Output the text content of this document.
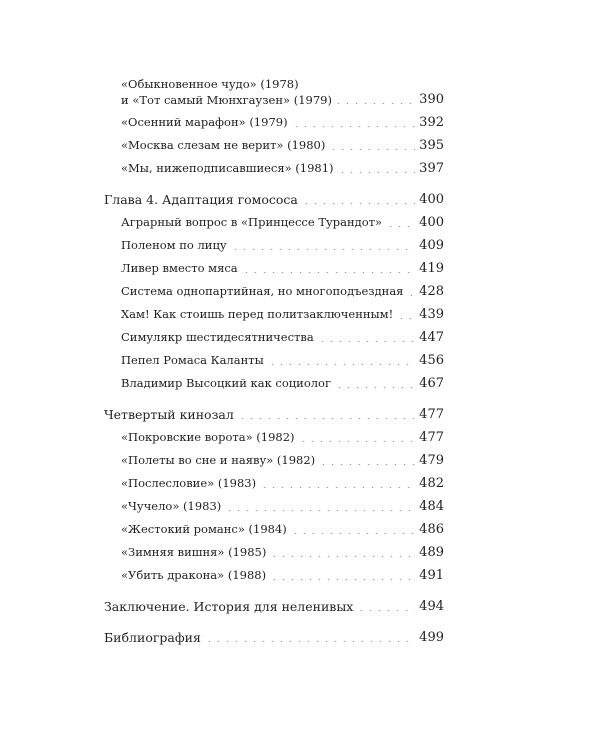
«Обыкновенное чудо» (1978)
и «Тот самый Мюнхгаузен» (1979)	390
«Осенний марафон» (1979)	392
«Москва слезам не верит» (1980)	395
«Мы, нижеподписавшиеся» (1981)	397
Глава 4. Адаптация гомососа	400
Аграрный вопрос в «Принцессе Турандот»	400
Поленом по лицу	409
Ливер вместо мяса	419
Система однопартийная, но многоподъездная 428
Хам! Как стоишь перед политзаключенным! 439
Симулякр шестидесятничества	447
Пепел Ромаса Каланты	456
Владимир Высоцкий как социолог	467
Четвертый кинозал	477
«Покровские ворота» (1982)	477
«Полеты во сне и наяву» (1982)	479
«Послесловие» (1983)	482
«Чучело» (1983)	484
«Жестокий романс» (1984)	486
«Зимняя вишня» (1985)	489
«Убить дракона» (1988)	491
Заключение. История для неленивых	494
Библиография	499
